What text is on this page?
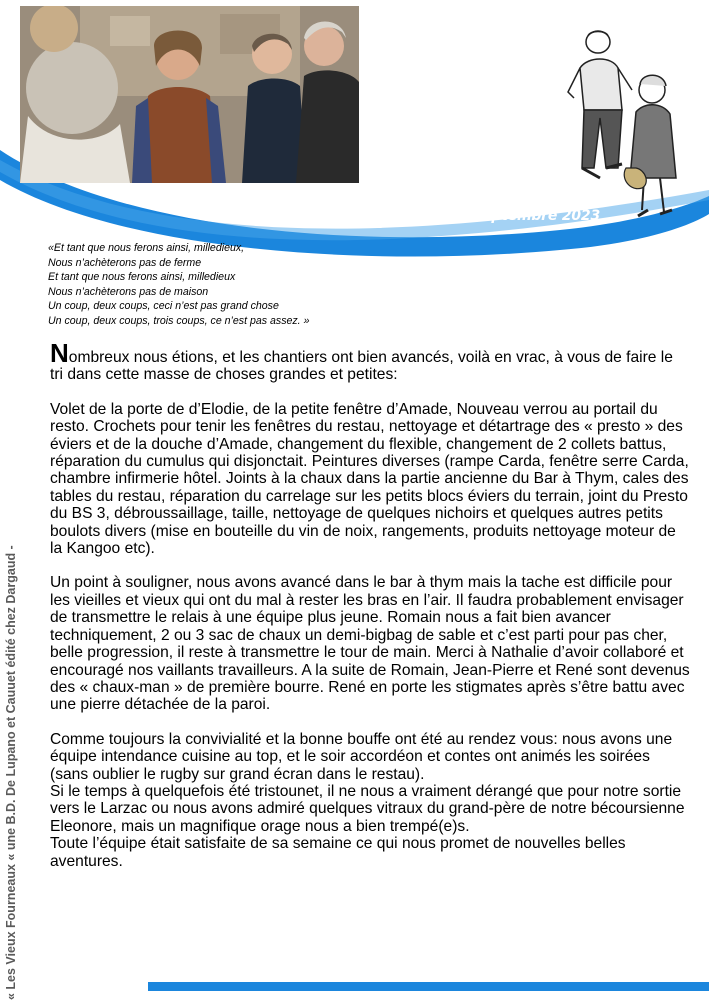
Compte rendu chantier « Vieux Fourneaux »
Du lundi 18 au vendredi 22 septembre 2023
« Les Vieux Fourneaux « une B.D. De Lupano et Cauuet édité chez Dargaud -
«Et tant que nous ferons ainsi, milledieux,
Nous n’achèterons pas de ferme
Et tant que nous ferons ainsi, milledieux
Nous n’achèterons pas de maison
Un coup, deux coups, ceci n’est pas grand chose
Un coup, deux coups, trois coups, ce n’est pas assez. »

Nombreux nous étions, et les chantiers ont bien avancés, voilà en vrac, à vous de faire le tri dans cette masse de choses grandes et petites:

Volet de la porte de d’Elodie, de la petite fenêtre d’Amade, Nouveau verrou au portail du resto. Crochets pour tenir les fenêtres du restau, nettoyage et détartrage des « presto » des éviers et de la douche d’Amade, changement du flexible, changement de 2 collets battus, réparation du cumulus qui disjonctait. Peintures diverses (rampe Carda, fenêtre serre Carda, chambre infirmerie hôtel. Joints à la chaux dans la partie ancienne du Bar à Thym, cales des tables du restau, réparation du carrelage sur les petits blocs éviers du terrain, joint du Presto du BS 3, débroussaillage, taille, nettoyage de quelques nichoirs et quelques autres petits boulots divers (mise en bouteille du vin de noix, rangements, produits nettoyage moteur de la Kangoo etc).

Un point à souligner, nous avons avancé dans le bar à thym mais la tache est difficile pour les vieilles et vieux qui ont du mal à rester les bras en l’air. Il faudra probablement envisager de transmettre le relais à une équipe plus jeune. Romain nous a fait bien avancer techniquement, 2 ou 3 sac de chaux un demi-bigbag de sable et c’est parti pour pas cher, belle progression, il reste à transmettre le tour de main. Merci à Nathalie d’avoir collaboré et encouragé nos vaillants travailleurs. A la suite de Romain, Jean-Pierre et René sont devenus des « chaux-man » de première bourre. René en porte les stigmates après s’être battu avec une pierre détachée de la paroi.

Comme toujours la convivialité et la bonne bouffe ont été au rendez vous: nous avons une équipe intendance cuisine au top, et le soir accordéon et contes ont animés les soirées (sans oublier le rugby sur grand écran dans le restau).

Si le temps à quelquefois été tristounet, il ne nous a vraiment dérangé que pour notre sortie vers le Larzac ou nous avons admiré quelques vitraux du grand-père de notre bécoursienne Eleonore, mais un magnifique orage nous a bien trempé(e)s.

Toute l’équipe était satisfaite de sa semaine ce qui nous promet de nouvelles belles aventures.
